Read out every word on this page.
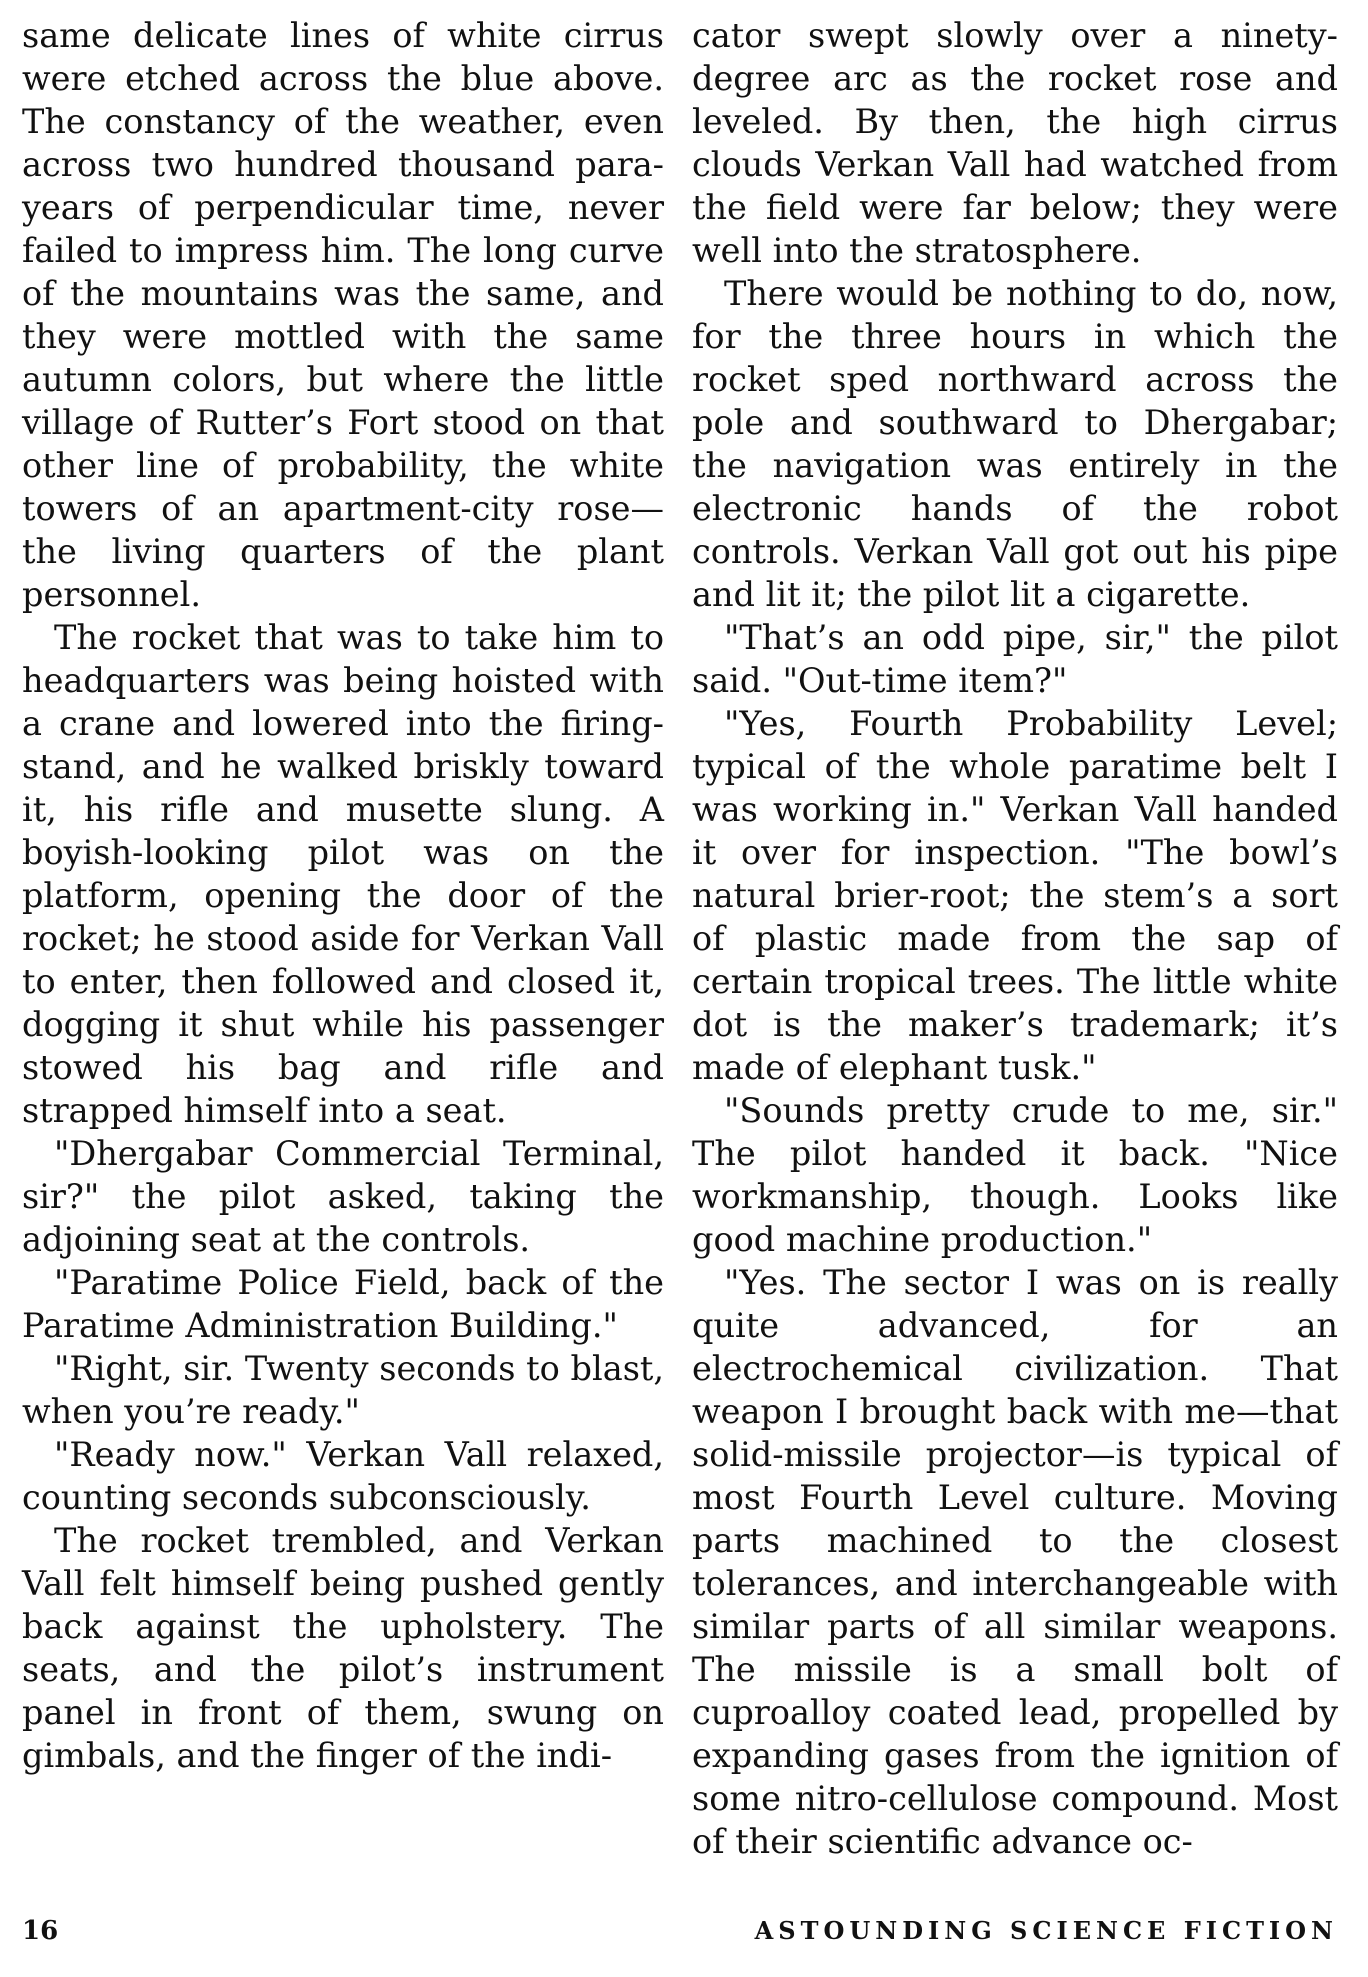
same delicate lines of white cirrus were etched across the blue above. The constancy of the weather, even across two hundred thousand para-years of perpendicular time, never failed to impress him. The long curve of the mountains was the same, and they were mottled with the same autumn colors, but where the little village of Rutter’s Fort stood on that other line of probability, the white towers of an apartment-city rose—the living quarters of the plant personnel.

The rocket that was to take him to headquarters was being hoisted with a crane and lowered into the firing-stand, and he walked briskly toward it, his rifle and musette slung. A boyish-looking pilot was on the platform, opening the door of the rocket; he stood aside for Verkan Vall to enter, then followed and closed it, dogging it shut while his passenger stowed his bag and rifle and strapped himself into a seat.

"Dhergabar Commercial Terminal, sir?" the pilot asked, taking the adjoining seat at the controls.

"Paratime Police Field, back of the Paratime Administration Building."

"Right, sir. Twenty seconds to blast, when you’re ready."

"Ready now." Verkan Vall relaxed, counting seconds subconsciously.

The rocket trembled, and Verkan Vall felt himself being pushed gently back against the upholstery. The seats, and the pilot’s instrument panel in front of them, swung on gimbals, and the finger of the indi-

cator swept slowly over a ninety-degree arc as the rocket rose and leveled. By then, the high cirrus clouds Verkan Vall had watched from the field were far below; they were well into the stratosphere.

There would be nothing to do, now, for the three hours in which the rocket sped northward across the pole and southward to Dhergabar; the navigation was entirely in the electronic hands of the robot controls. Verkan Vall got out his pipe and lit it; the pilot lit a cigarette.

"That’s an odd pipe, sir," the pilot said. "Out-time item?"

"Yes, Fourth Probability Level; typical of the whole paratime belt I was working in." Verkan Vall handed it over for inspection. "The bowl’s natural brier-root; the stem’s a sort of plastic made from the sap of certain tropical trees. The little white dot is the maker’s trademark; it’s made of elephant tusk."

"Sounds pretty crude to me, sir." The pilot handed it back. "Nice workmanship, though. Looks like good machine production."

"Yes. The sector I was on is really quite advanced, for an electrochemical civilization. That weapon I brought back with me—that solid-missile projector—is typical of most Fourth Level culture. Moving parts machined to the closest tolerances, and interchangeable with similar parts of all similar weapons. The missile is a small bolt of cuproalloy coated lead, propelled by expanding gases from the ignition of some nitro-cellulose compound. Most of their scientific advance oc-

16	ASTOUNDING SCIENCE FICTION
